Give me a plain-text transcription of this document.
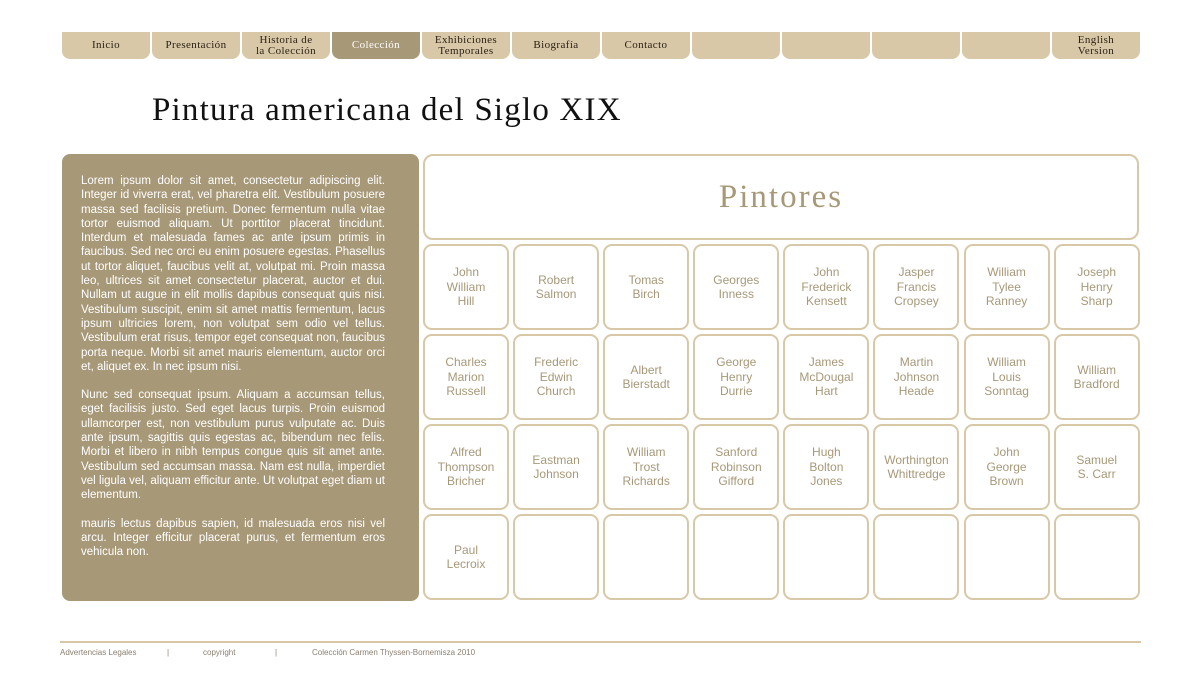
Inicio	Presentación	Historia de
la Colección	Colección	Exhibiciones
Temporales	Biografía	Contacto	English
Version
Pintura americana del Siglo XIX

Lorem ipsum dolor sit amet, consectetur adipiscing elit. Integer id viverra erat, vel pharetra elit. Vestibulum posuere massa sed facilisis pretium. Donec fermentum nulla vitae tortor euismod aliquam. Ut porttitor placerat tincidunt. Interdum et malesuada fames ac ante ipsum primis in faucibus. Sed nec orci eu enim posuere egestas. Phasellus ut tortor aliquet, faucibus velit at, volutpat mi. Proin massa leo, ultrices sit amet consectetur placerat, auctor et dui. Nullam ut augue in elit mollis dapibus consequat quis nisi. Vestibulum suscipit, enim sit amet mattis fermentum, lacus ipsum ultricies lorem, non volutpat sem odio vel tellus. Vestibulum erat risus, tempor eget consequat non, faucibus porta neque. Morbi sit amet mauris elementum, auctor orci et, aliquet ex. In nec ipsum nisi.

Nunc sed consequat ipsum. Aliquam a accumsan tellus, eget facilisis justo. Sed eget lacus turpis. Proin euismod ullamcorper est, non vestibulum purus vulputate ac. Duis ante ipsum, sagittis quis egestas ac, bibendum nec felis. Morbi et libero in nibh tempus congue quis sit amet ante. Vestibulum sed accumsan massa. Nam est nulla, imperdiet vel ligula vel, aliquam efficitur ante. Ut volutpat eget diam ut elementum.

mauris lectus dapibus sapien, id malesuada eros nisi vel arcu. Integer efficitur placerat purus, et fermentum eros vehicula non.

Pintores
John
William
Hill
Robert
Salmon
Tomas
Birch
Georges
Inness
John
Frederick
Kensett
Jasper
Francis
Cropsey
William
Tylee
Ranney
Joseph
Henry
Sharp
Charles
Marion
Russell
Frederic
Edwin
Church
Albert
Bierstadt
George
Henry
Durrie
James
McDougal
Hart
Martin
Johnson
Heade
William
Louis
Sonntag
William
Bradford
Alfred
Thompson
Bricher
Eastman
Johnson
William
Trost
Richards
Sanford
Robinson
Gifford
Hugh
Bolton
Jones
Worthington
Whittredge
John
George
Brown
Samuel
S. Carr
Paul
Lecroix
Advertencias Legales	|	copyright	|	Colección Carmen Thyssen-Bornemisza 2010
